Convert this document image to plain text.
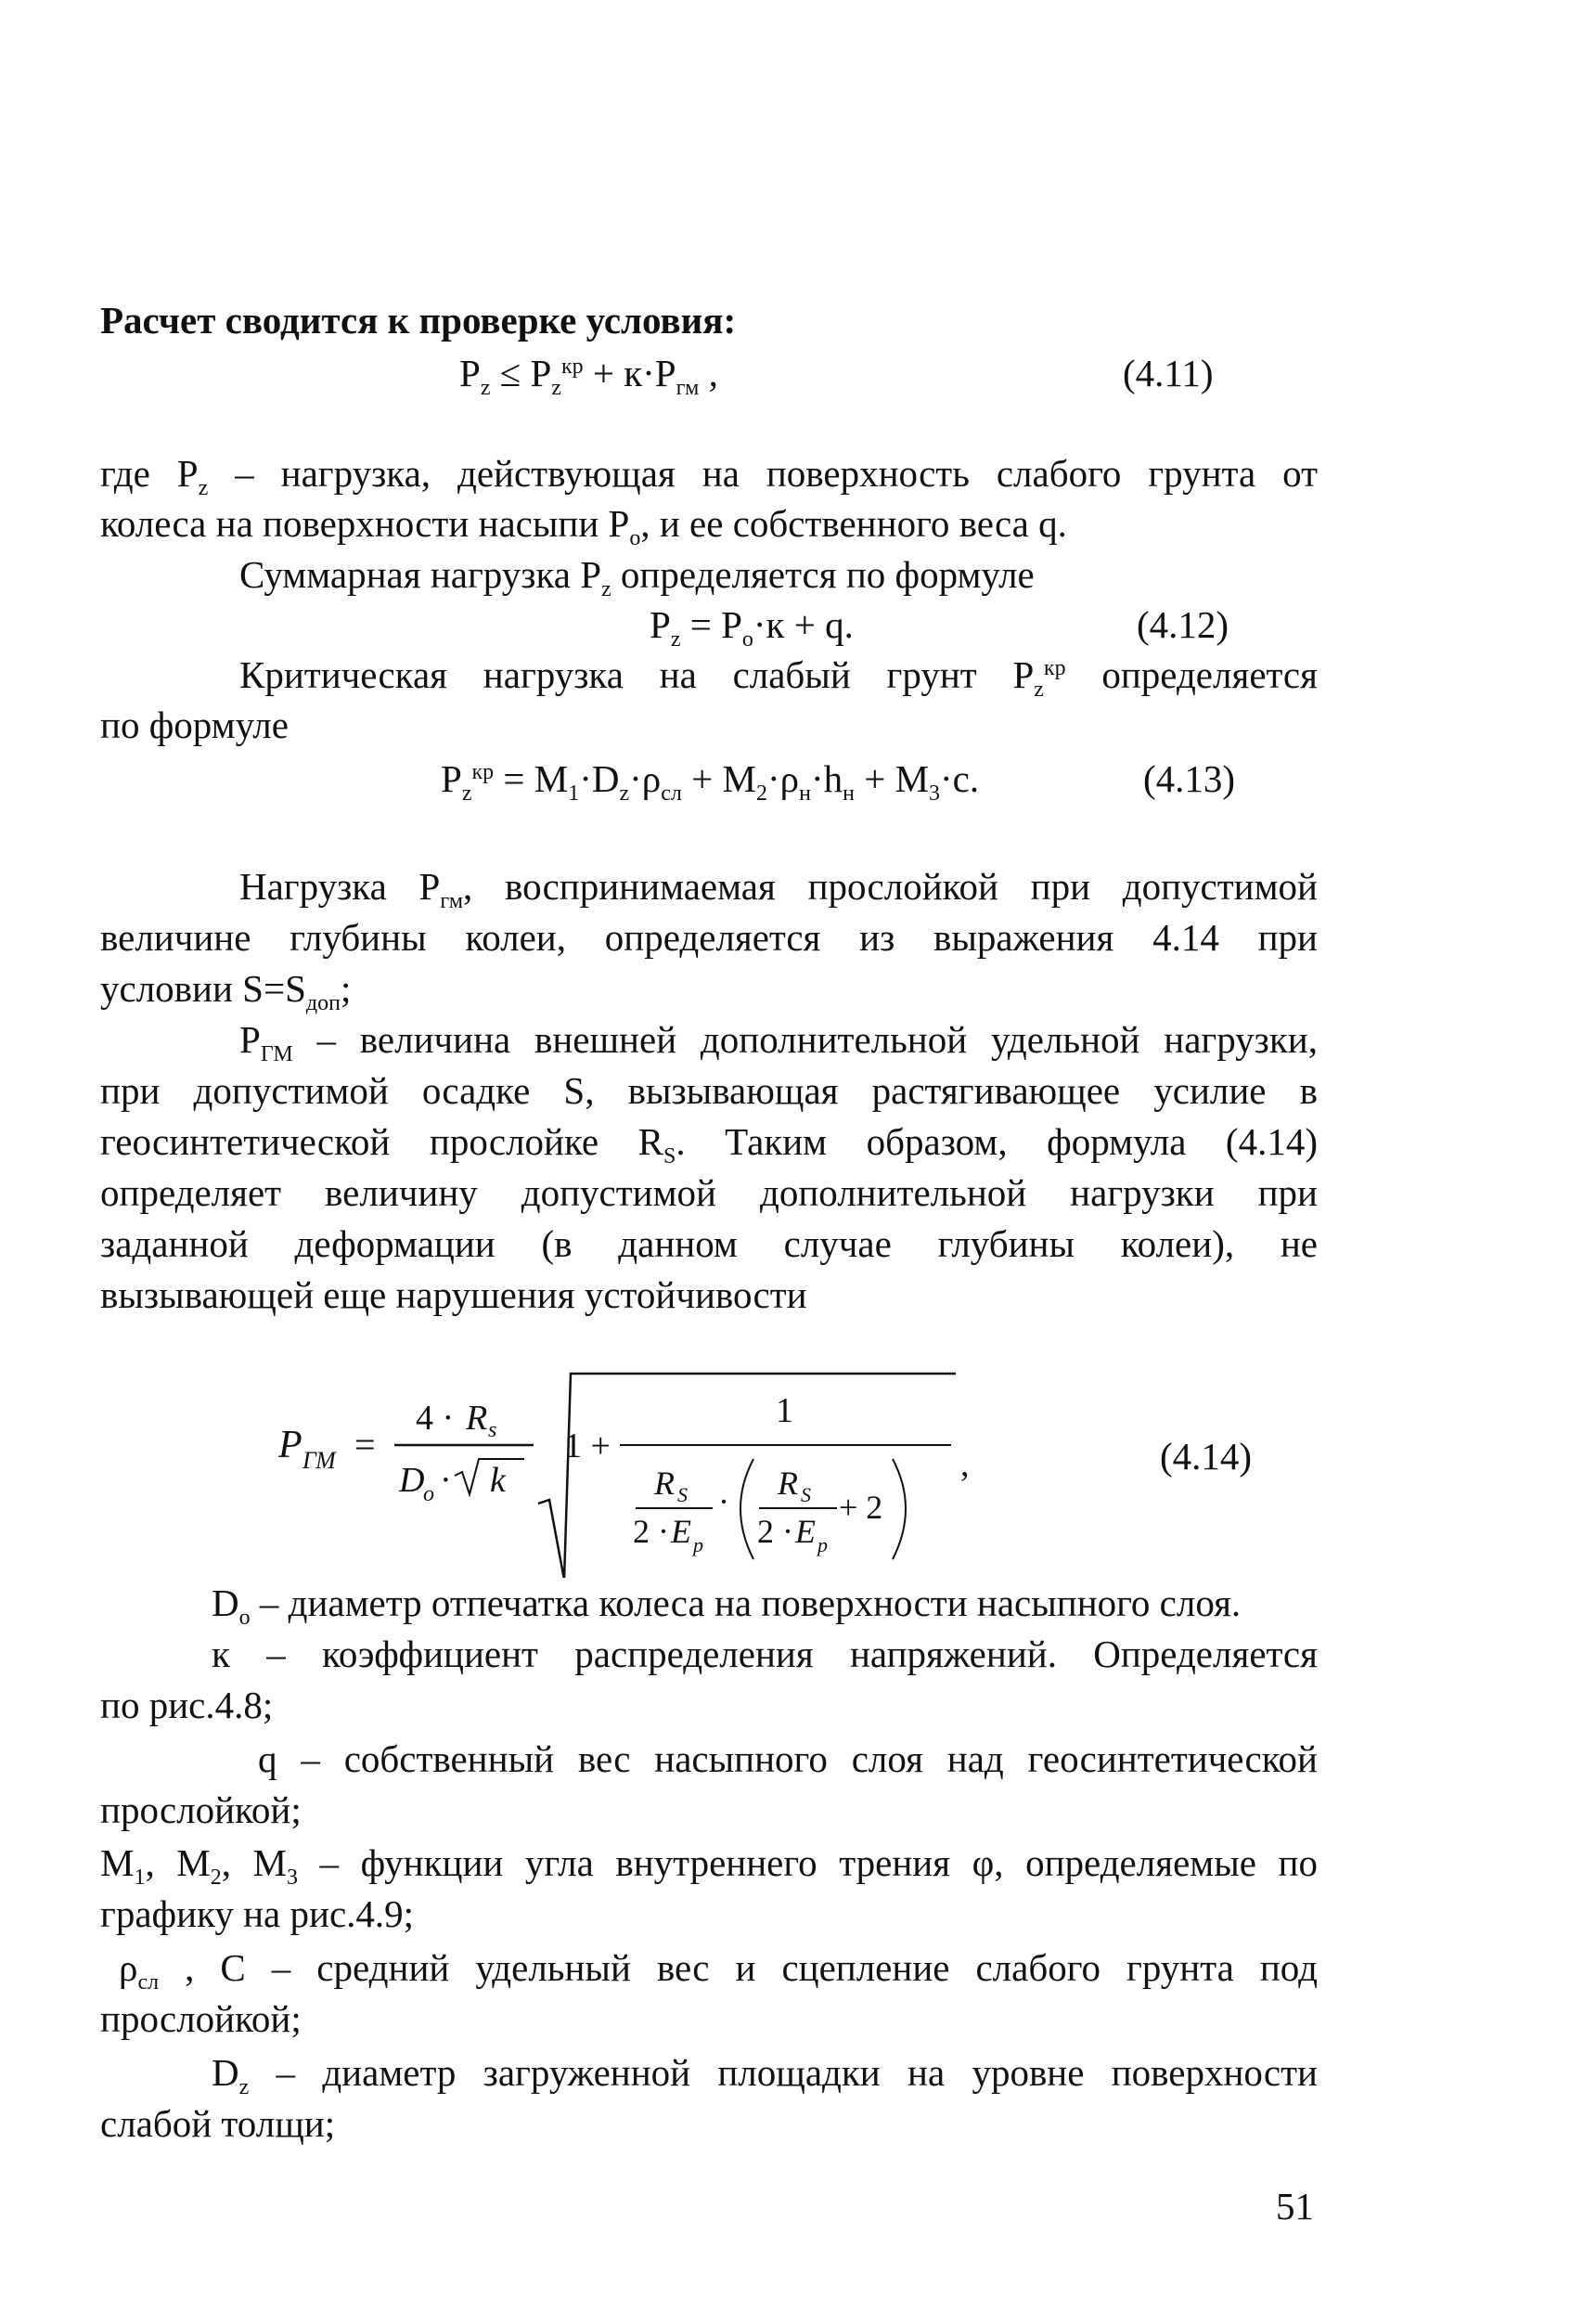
Расчет сводится к проверке условия:
$P_z \le P_z^{кр} + к\cdot P_{гм}$ ,	(4.11)
где $P_z$ – нагрузка, действующая на поверхность слабого грунта от
колеса на поверхности насыпи $P_o$, и ее собственного веса q.
Суммарная нагрузка $P_z$ определяется по формуле
$P_z = P_o\cdot к + q$.	(4.12)
Критическая нагрузка на слабый грунт $P_z^{кр}$ определяется
по формуле
$P_z^{кр} = M_1\cdot D_z\cdot\rho_{сл} + M_2\cdot\rho_н\cdot h_н + M_3\cdot c$.	(4.13)
Нагрузка $P_{гм}$, воспринимаемая прослойкой при допустимой
величине глубины колеи, определяется из выражения 4.14 при
условии $S=S_{доп}$;
$P_{ГМ}$ – величина внешней дополнительной удельной нагрузки,
при допустимой осадке S, вызывающая растягивающее усилие в
геосинтетической прослойке $R_S$. Таким образом, формула (4.14)
определяет величину допустимой дополнительной нагрузки при
заданной деформации (в данном случае глубины колеи), не
вызывающей еще нарушения устойчивости
P ГМ =
4 · R s
D
o · k
1 +
1
R S
2 · E p
· R S
2 · E p
+ 2
,	(4.14)
$D_o$ – диаметр отпечатка колеса на поверхности насыпного слоя.
к – коэффициент распределения напряжений. Определяется
по рис.4.8;
q – собственный вес насыпного слоя над геосинтетической
прослойкой;
$M_1$, $M_2$, $M_3$ – функции угла внутреннего трения φ, определяемые по
графику на рис.4.9;
$\rho_{сл}$ , C – средний удельный вес и сцепление слабого грунта под
прослойкой;
$D_z$ – диаметр загруженной площадки на уровне поверхности
слабой толщи;
51
